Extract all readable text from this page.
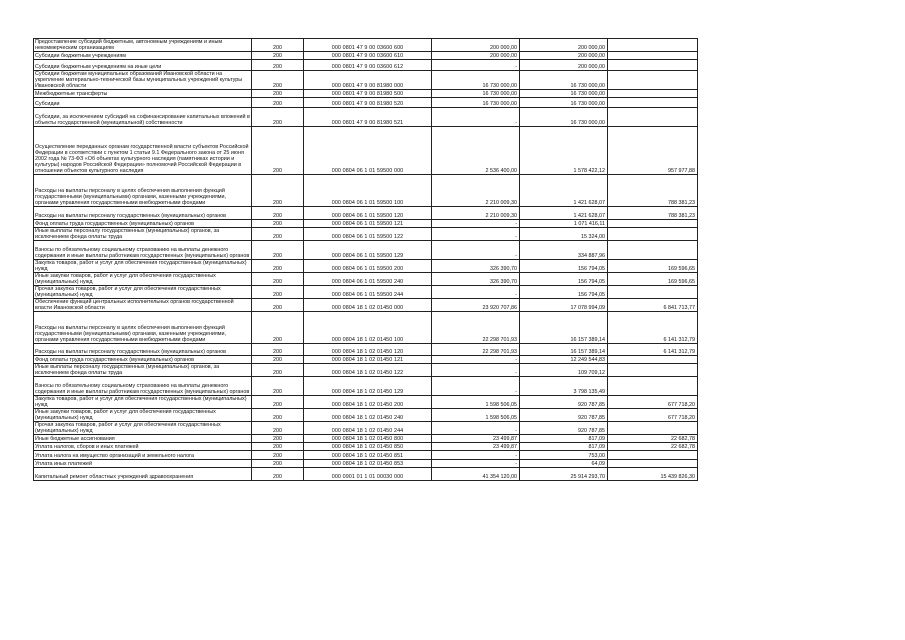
Предоставление субсидий бюджетным, автономным учреждениям и иным некоммерческим организациям	200	000 0801 47 9 00 03600 600	200 000,00	200 000,00	
Субсидии бюджетным учреждениям	200	000 0801 47 9 00 03600 610	200 000,00	200 000,00	
Субсидии бюджетным учреждениям на иные цели	200	000 0801 47 9 00 03600 612	-	200 000,00	
Субсидии бюджетам муниципальных образований Ивановской области на укрепление материально-технической базы муниципальных учреждений культуры Ивановской области	200	000 0801 47 9 00 81980 000	16 730 000,00	16 730 000,00	
Межбюджетные трансферты	200	000 0801 47 9 00 81980 500	16 730 000,00	16 730 000,00	
Субсидии	200	000 0801 47 9 00 81980 520	16 730 000,00	16 730 000,00	
Субсидии, за исключением субсидий на софинансирование капитальных вложений в объекты государственной (муниципальной) собственности	200	000 0801 47 9 00 81980 521	-	16 730 000,00	
Осуществление переданных органам государственной власти субъектов Российской Федерации в соответствии с пунктом 1 статьи 9.1 Федерального закона от 25 июня 2002 года № 73-ФЗ «Об объектах культурного наследия (памятниках истории и культуры) народов Российской Федерации» полномочий Российской Федерации в отношении объектов культурного наследия	200	000 0804 06 1 01 59500 000	2 536 400,00	1 578 422,12	957 977,88
Расходы на выплаты персоналу в целях обеспечения выполнения функций государственными (муниципальными) органами, казенными учреждениями, органами управления государственными внебюджетными фондами	200	000 0804 06 1 01 59500 100	2 210 009,30	1 421 628,07	788 381,23
Расходы на выплаты персоналу государственных (муниципальных) органов	200	000 0804 06 1 01 59500 120	2 210 009,30	1 421 628,07	788 381,23
Фонд оплаты труда государственных (муниципальных) органов	200	000 0804 06 1 01 59500 121	-	1 071 416,11	
Иные выплаты персоналу государственных (муниципальных) органов, за исключением фонда оплаты труда	200	000 0804 06 1 01 59500 122	-	15 324,00	
Взносы по обязательному социальному страхованию на выплаты денежного содержания и иные выплаты работникам государственных (муниципальных) органов	200	000 0804 06 1 01 59500 129	-	334 887,96	
Закупка товаров, работ и услуг для обеспечения государственных (муниципальных) нужд	200	000 0804 06 1 01 59500 200	326 390,70	156 794,05	169 596,65
Иные закупки товаров, работ и услуг для обеспечения государственных (муниципальных) нужд	200	000 0804 06 1 01 59500 240	326 390,70	156 794,05	169 596,65
Прочая закупка товаров, работ и услуг для обеспечения государственных (муниципальных) нужд	200	000 0804 06 1 01 59500 244	-	156 794,05	
Обеспечение функций центральных исполнительных органов государственной власти Ивановской области	200	000 0804 18 1 02 01450 000	23 920 707,86	17 078 994,09	6 841 713,77
Расходы на выплаты персоналу в целях обеспечения выполнения функций государственными (муниципальными) органами, казенными учреждениями, органами управления государственными внебюджетными фондами	200	000 0804 18 1 02 01450 100	22 298 701,93	16 157 389,14	6 141 312,79
Расходы на выплаты персоналу государственных (муниципальных) органов	200	000 0804 18 1 02 01450 120	22 298 701,93	16 157 389,14	6 141 312,79
Фонд оплаты труда государственных (муниципальных) органов	200	000 0804 18 1 02 01450 121	-	12 249 544,83	
Иные выплаты персоналу государственных (муниципальных) органов, за исключением фонда оплаты труда	200	000 0804 18 1 02 01450 122	-	109 709,12	
Взносы по обязательному социальному страхованию на выплаты денежного содержания и иные выплаты работникам государственных (муниципальных) органов	200	000 0804 18 1 02 01450 129	-	3 798 135,49	
Закупка товаров, работ и услуг для обеспечения государственных (муниципальных) нужд	200	000 0804 18 1 02 01450 200	1 598 506,05	920 787,85	677 718,20
Иные закупки товаров, работ и услуг для обеспечения государственных (муниципальных) нужд	200	000 0804 18 1 02 01450 240	1 598 506,05	920 787,85	677 718,20
Прочая закупка товаров, работ и услуг для обеспечения государственных (муниципальных) нужд	200	000 0804 18 1 02 01450 244	-	920 787,85	
Иные бюджетные ассигнования	200	000 0804 18 1 02 01450 800	23 499,87	817,09	22 682,78
Уплата налогов, сборов и иных платежей	200	000 0804 18 1 02 01450 850	23 499,87	817,09	22 682,78
Уплата налога на имущество организаций и земельного налога	200	000 0804 18 1 02 01450 851	-	753,00	
Уплата иных платежей	200	000 0804 18 1 02 01450 853	-	64,09	
Капитальный ремонт областных учреждений здравоохранения	200	000 0901 01 1 01 00030 000	41 354 120,00	25 914 293,70	15 439 826,30
